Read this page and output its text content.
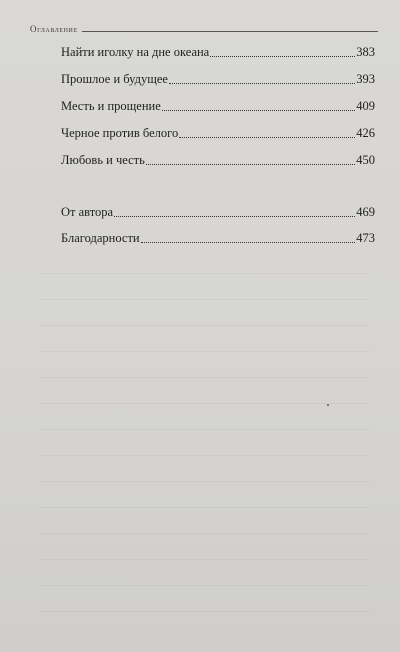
Оглавление
Найти иголку на дне океана	383
Прошлое и будущее	393
Месть и прощение	409
Черное против белого	426
Любовь и честь	450
От автора	469
Благодарности	473
